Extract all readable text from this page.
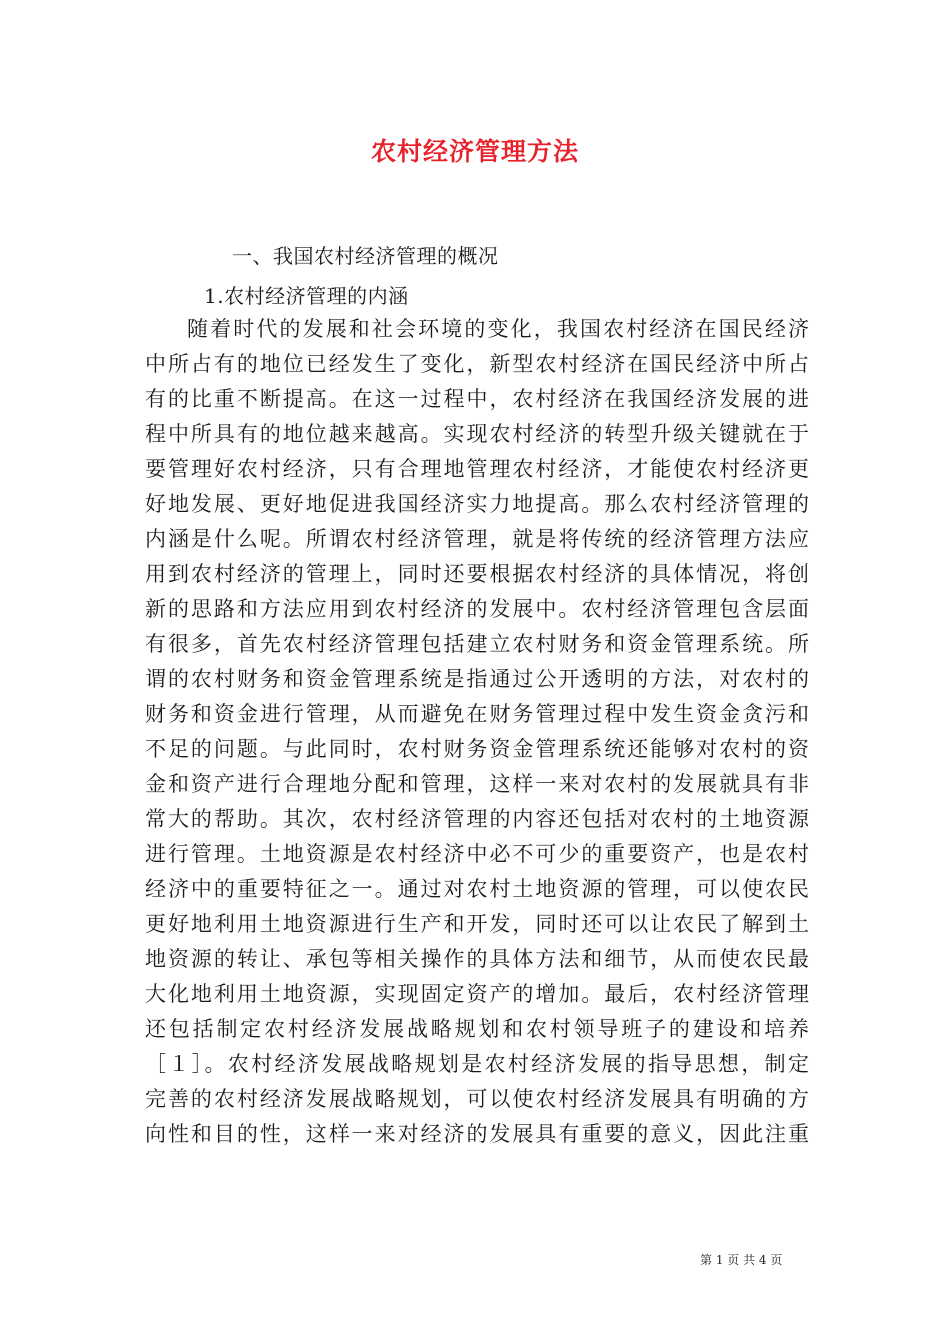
农村经济管理方法
一、我国农村经济管理的概况
1.农村经济管理的内涵
随着时代的发展和社会环境的变化，我国农村经济在国民经济
中所占有的地位已经发生了变化，新型农村经济在国民经济中所占
有的比重不断提高。在这一过程中，农村经济在我国经济发展的进
程中所具有的地位越来越高。实现农村经济的转型升级关键就在于
要管理好农村经济，只有合理地管理农村经济，才能使农村经济更
好地发展、更好地促进我国经济实力地提高。那么农村经济管理的
内涵是什么呢。所谓农村经济管理，就是将传统的经济管理方法应
用到农村经济的管理上，同时还要根据农村经济的具体情况，将创
新的思路和方法应用到农村经济的发展中。农村经济管理包含层面
有很多，首先农村经济管理包括建立农村财务和资金管理系统。所
谓的农村财务和资金管理系统是指通过公开透明的方法，对农村的
财务和资金进行管理，从而避免在财务管理过程中发生资金贪污和
不足的问题。与此同时，农村财务资金管理系统还能够对农村的资
金和资产进行合理地分配和管理，这样一来对农村的发展就具有非
常大的帮助。其次，农村经济管理的内容还包括对农村的土地资源
进行管理。土地资源是农村经济中必不可少的重要资产，也是农村
经济中的重要特征之一。通过对农村土地资源的管理，可以使农民
更好地利用土地资源进行生产和开发，同时还可以让农民了解到土
地资源的转让、承包等相关操作的具体方法和细节，从而使农民最
大化地利用土地资源，实现固定资产的增加。最后，农村经济管理
还包括制定农村经济发展战略规划和农村领导班子的建设和培养
［１］。农村经济发展战略规划是农村经济发展的指导思想，制定
完善的农村经济发展战略规划，可以使农村经济发展具有明确的方
向性和目的性，这样一来对经济的发展具有重要的意义，因此注重
第 1 页 共 4 页
